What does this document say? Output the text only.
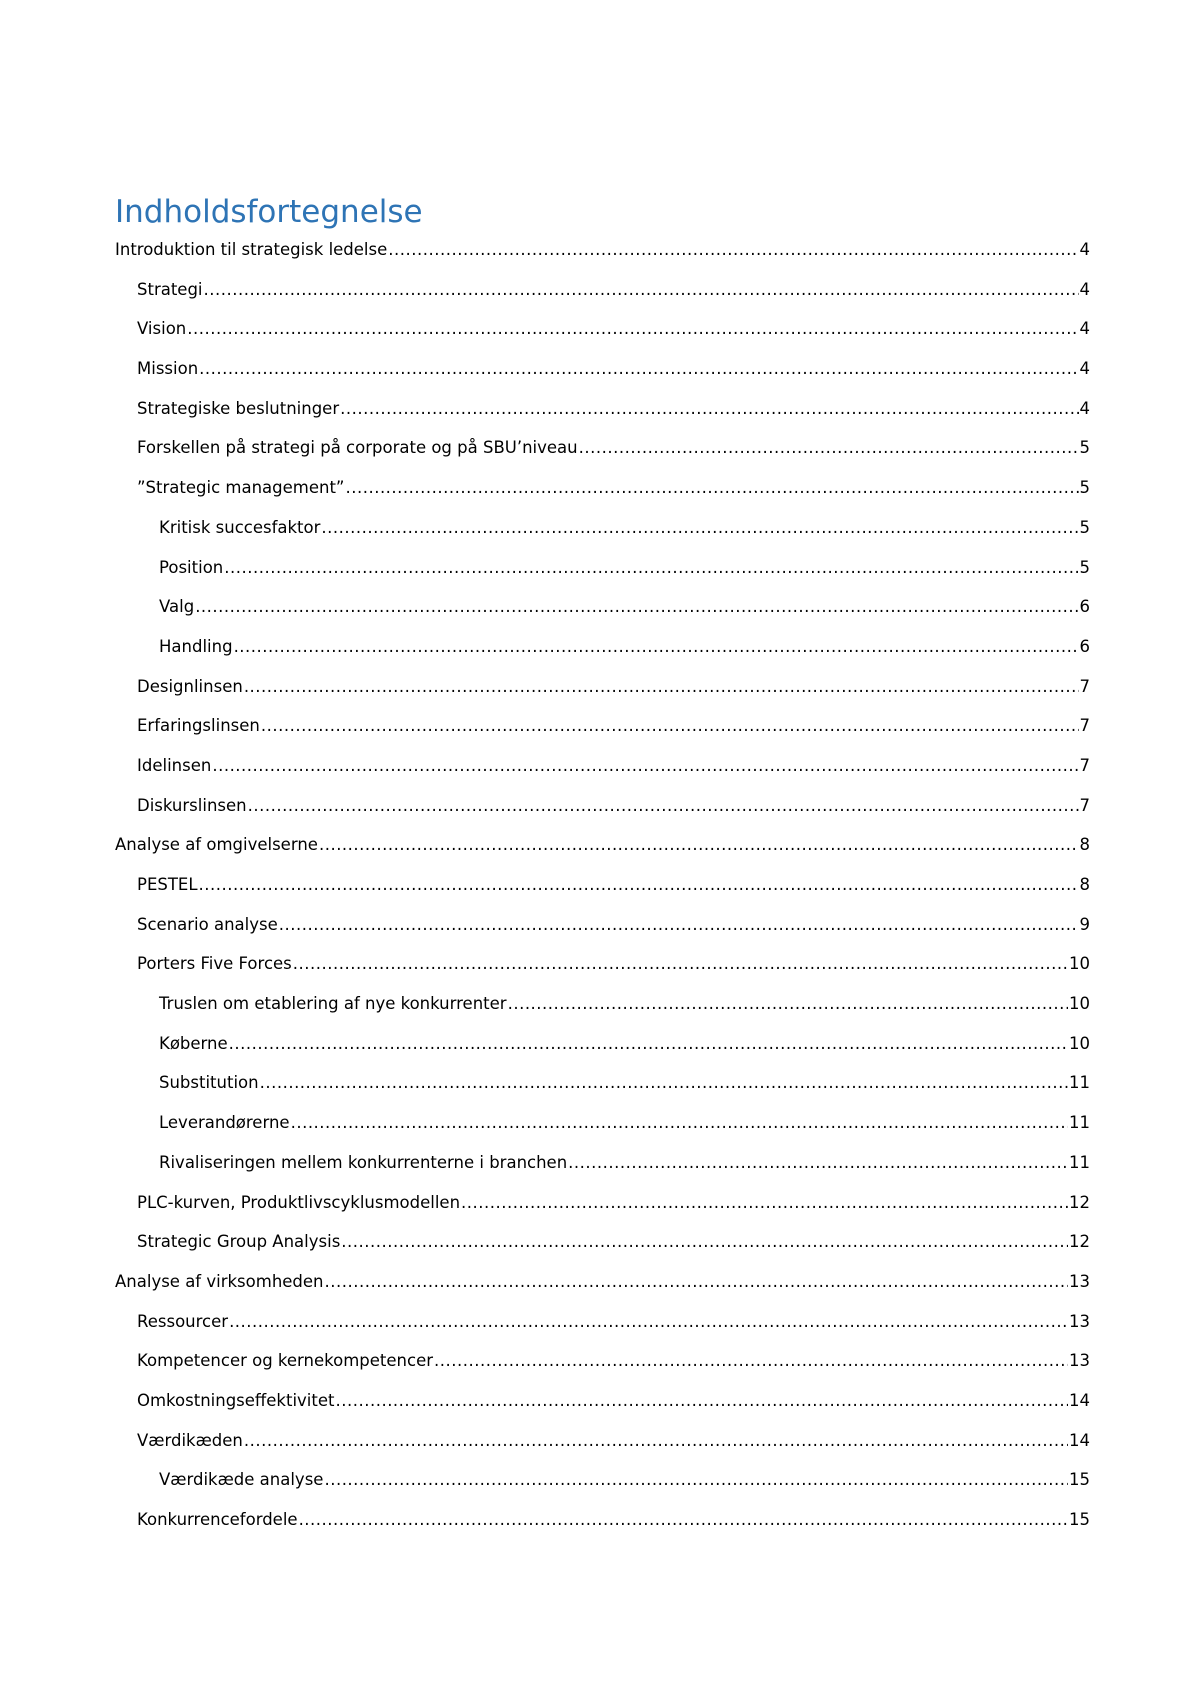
Indholdsfortegnelse
Introduktion til strategisk ledelse .....	4
Strategi .....	4
Vision .....	4
Mission .....	4
Strategiske beslutninger .....	4
Forskellen på strategi på corporate og på SBU’niveau .....	5
”Strategic management” .....	5
Kritisk succesfaktor .....	5
Position .....	5
Valg .....	6
Handling .....	6
Designlinsen .....	7
Erfaringslinsen .....	7
Idelinsen .....	7
Diskurslinsen .....	7
Analyse af omgivelserne .....	8
PESTEL .....	8
Scenario analyse .....	9
Porters Five Forces .....	10
Truslen om etablering af nye konkurrenter .....	10
Køberne .....	10
Substitution .....	11
Leverandørerne .....	11
Rivaliseringen mellem konkurrenterne i branchen .....	11
PLC-kurven, Produktlivscyklusmodellen .....	12
Strategic Group Analysis .....	12
Analyse af virksomheden .....	13
Ressourcer .....	13
Kompetencer og kernekompetencer .....	13
Omkostningseffektivitet .....	14
Værdikæden .....	14
Værdikæde analyse .....	15
Konkurrencefordele .....	15
